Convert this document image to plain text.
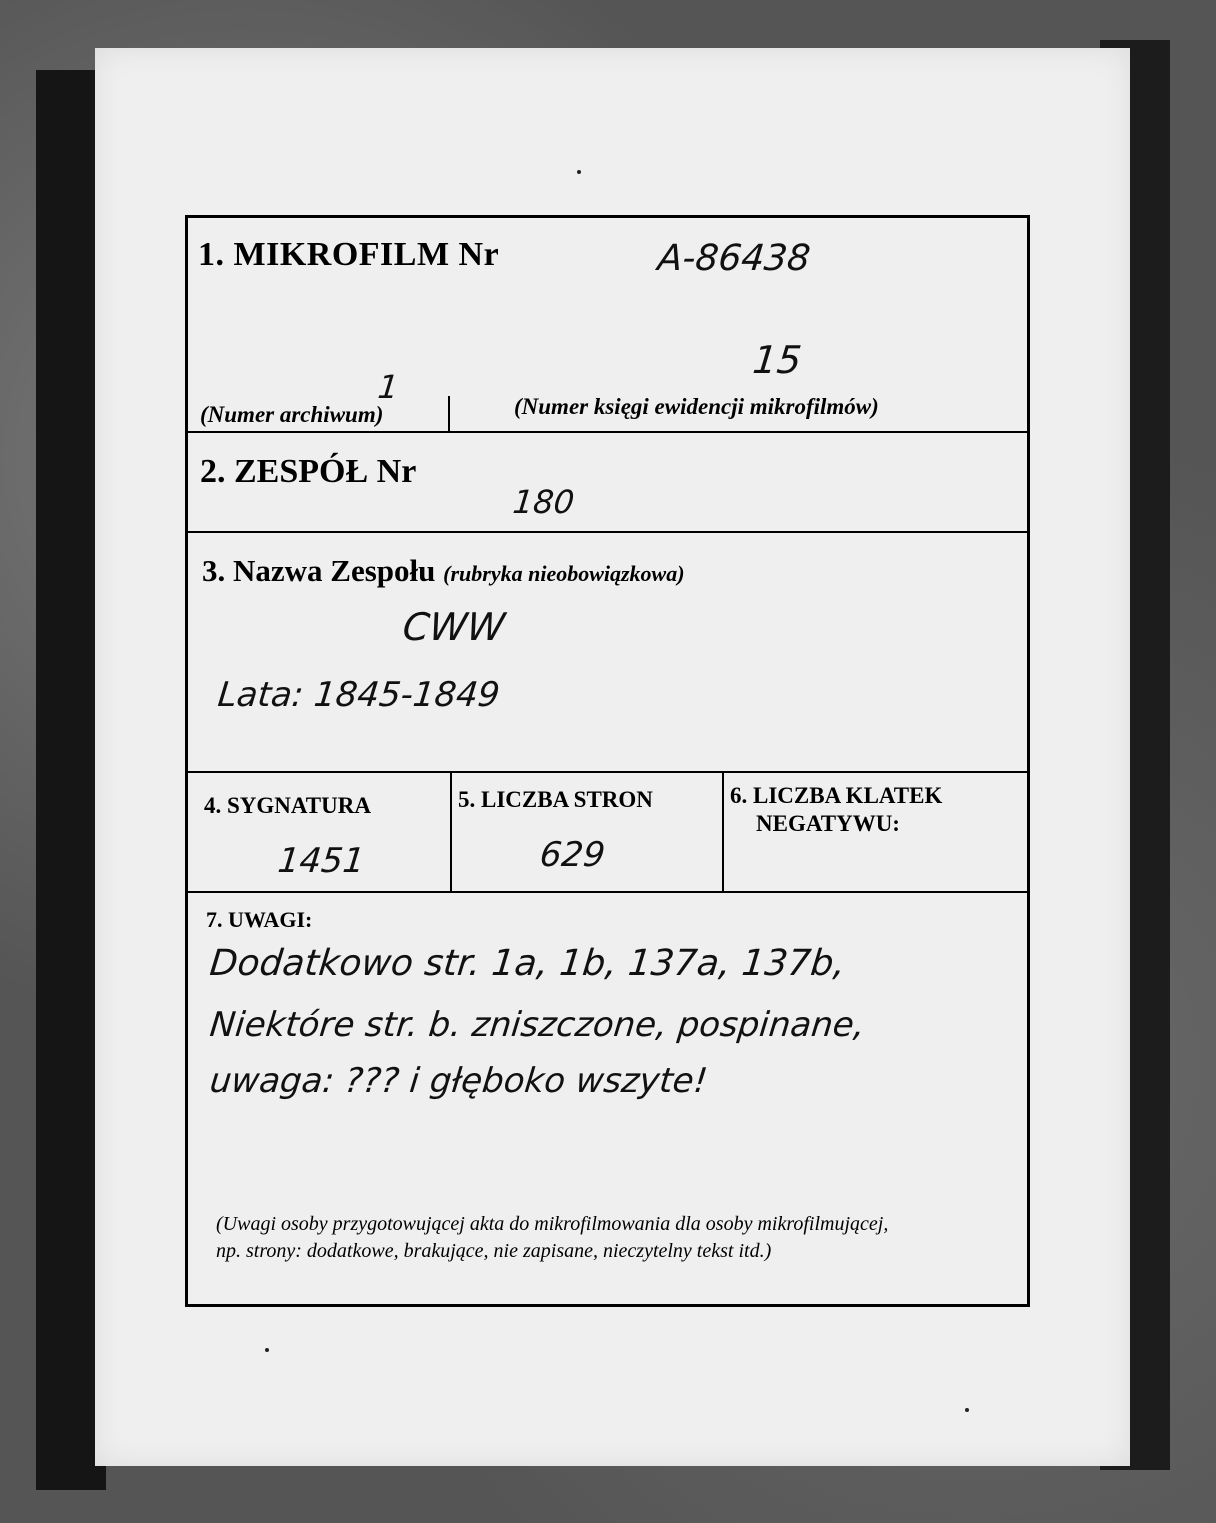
1. MIKROFILM Nr	A-86438
1
15
(Numer archiwum)	(Numer księgi ewidencji mikrofilmów)
2. ZESPÓŁ Nr
180
3. Nazwa Zespołu (rubryka nieobowiązkowa)
CWW
Lata: 1845-1849
4. SYGNATURA
1451
5. LICZBA STRON
629
6. LICZBA KLATEK
NEGATYWU:
7. UWAGI:
Dodatkowo str. 1a, 1b, 137a, 137b,
Niektóre str. b. zniszczone, pospinane,
uwaga: ??? i głęboko wszyte!
(Uwagi osoby przygotowującej akta do mikrofilmowania dla osoby mikrofilmującej,
np. strony: dodatkowe, brakujące, nie zapisane, nieczytelny tekst itd.)
